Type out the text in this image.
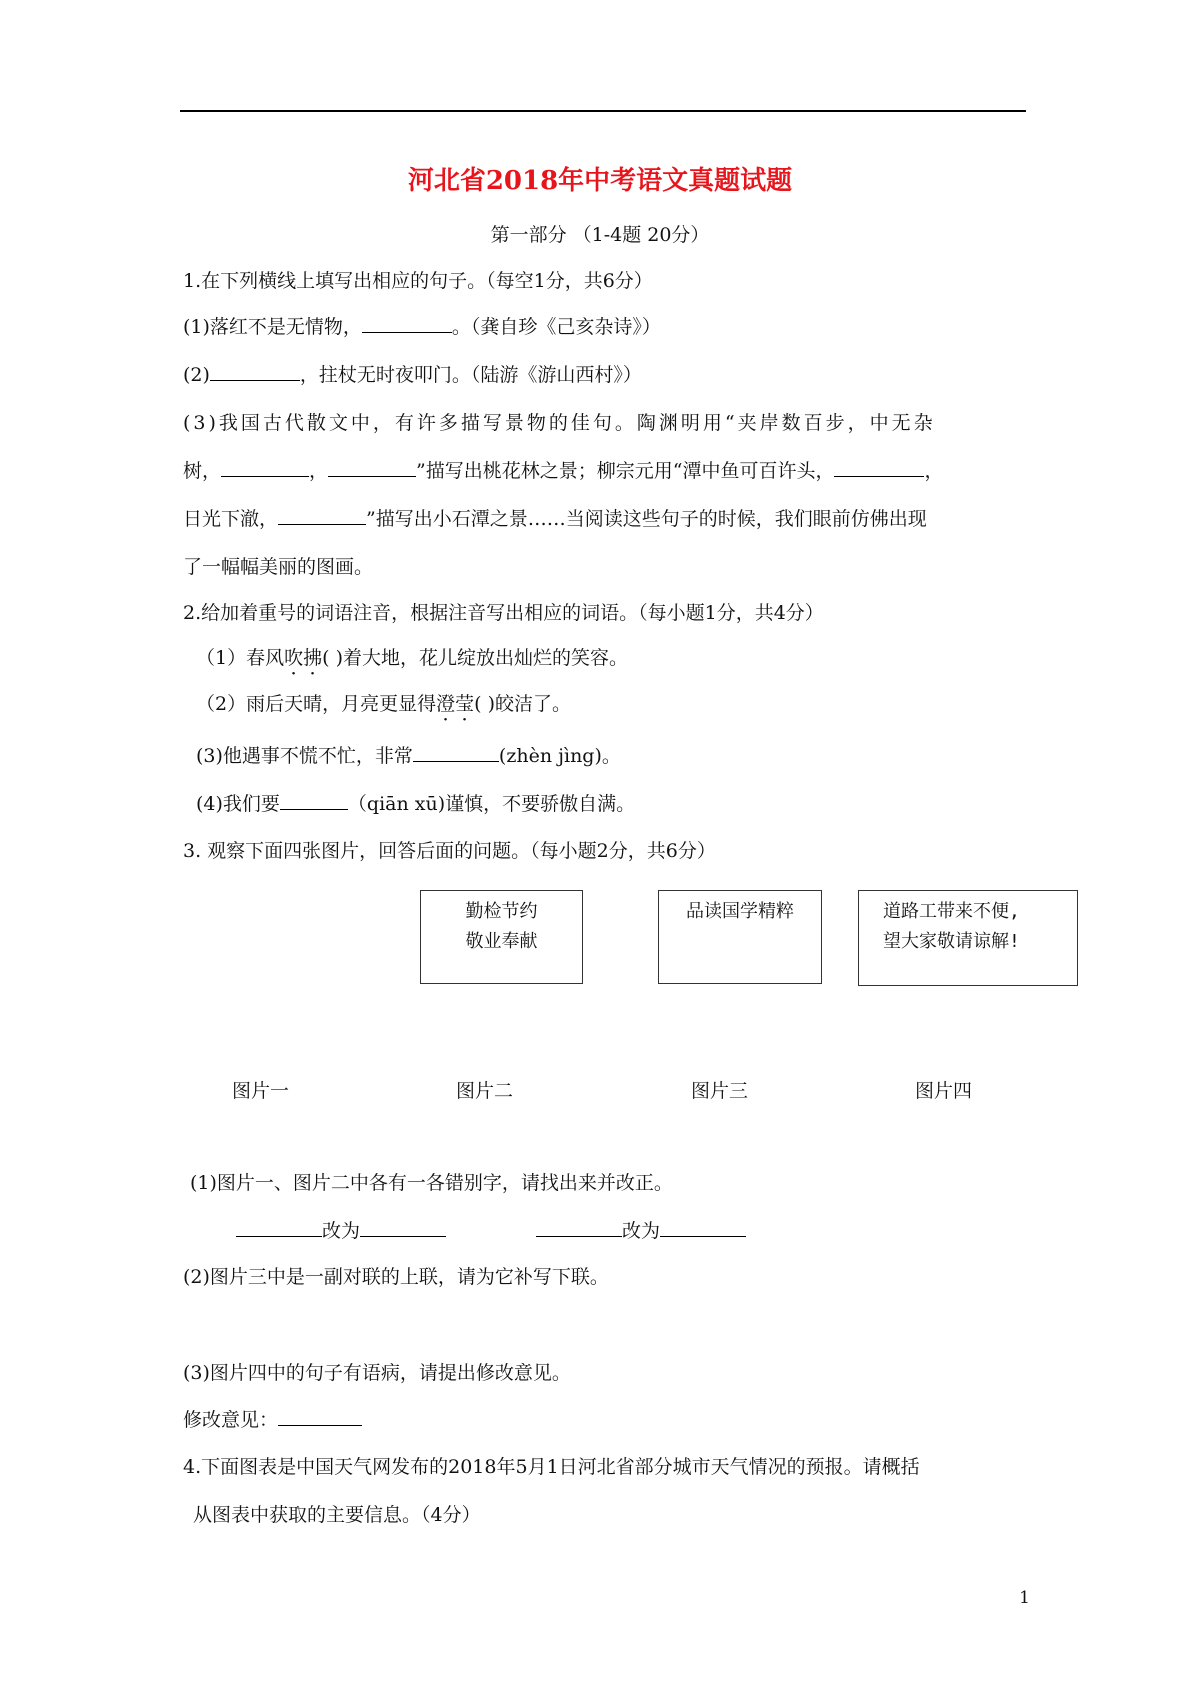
河北省2018年中考语文真题试题
第一部分 （1-4题 20分）
1.在下列横线上填写出相应的句子。（每空1分，共6分）
(1)落红不是无情物，	。（龚自珍《己亥杂诗》）
(2)	，拄杖无时夜叩门。（陆游《游山西村》）
(3)我国古代散文中，有许多描写景物的佳句。陶渊明用“夹岸数百步，中无杂
树，	，	”描写出桃花林之景；柳宗元用“潭中鱼可百许头，	，
日光下澈，	”描写出小石潭之景……当阅读这些句子的时候，我们眼前仿佛出现
了一幅幅美丽的图画。
2.给加着重号的词语注音，根据注音写出相应的词语。（每小题1分，共4分）
（1）春风吹拂( )着大地，花儿绽放出灿烂的笑容。
（2）雨后天晴，月亮更显得澄莹( )皎洁了。
(3)他遇事不慌不忙，非常	(zhèn jìng)。
(4)我们要	（qiān xū)谨慎，不要骄傲自满。
3. 观察下面四张图片，回答后面的问题。（每小题2分，共6分）
勤检节约
敬业奉献
品读国学精粹	道路工带来不便,
望大家敬请谅解!
图片一	图片二	图片三	图片四
(1)图片一、图片二中各有一各错别字，请找出来并改正。
改为	改为
(2)图片三中是一副对联的上联，请为它补写下联。
(3)图片四中的句子有语病，请提出修改意见。
修改意见：
4.下面图表是中国天气网发布的2018年5月1日河北省部分城市天气情况的预报。请概括
从图表中获取的主要信息。（4分）
1
